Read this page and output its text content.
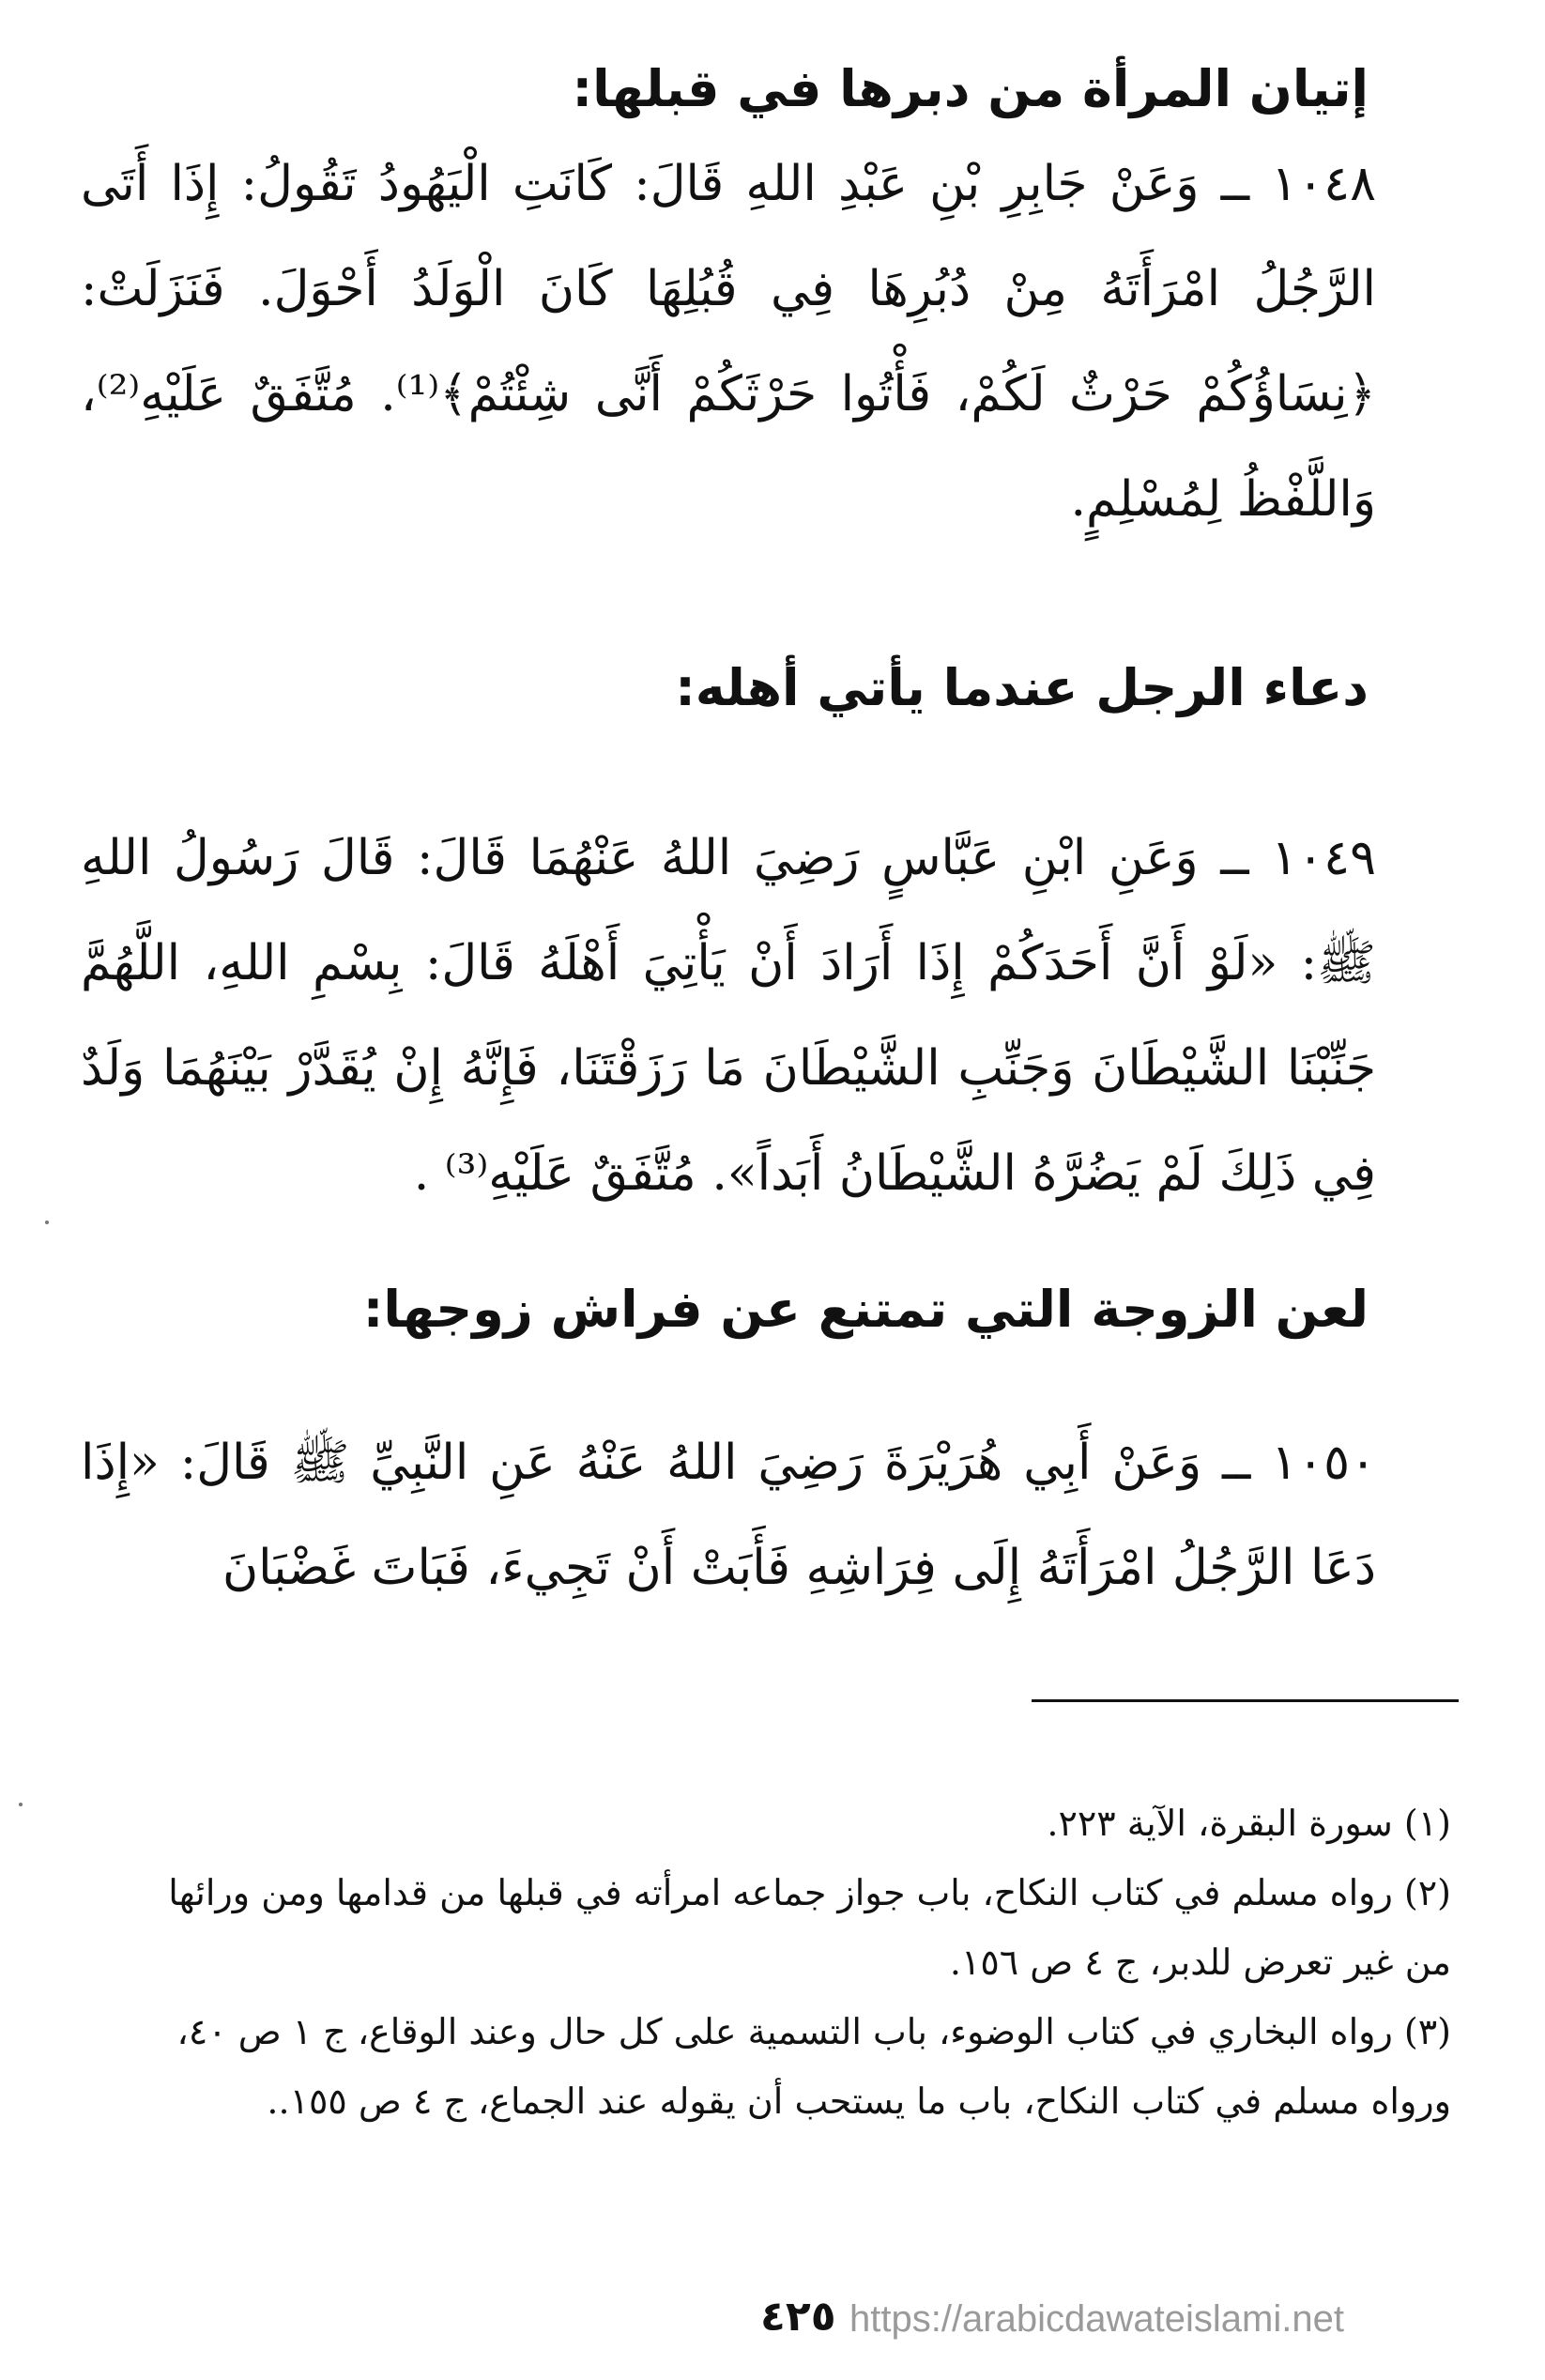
إتيان المرأة من دبرها في قبلها:
١٠٤٨ ــ وَعَنْ جَابِرِ بْنِ عَبْدِ اللهِ قَالَ: كَانَتِ الْيَهُودُ تَقُولُ: إِذَا أَتَى الرَّجُلُ امْرَأَتَهُ مِنْ دُبُرِهَا فِي قُبُلِهَا كَانَ الْوَلَدُ أَحْوَلَ. فَنَزَلَتْ: ﴿نِسَاؤُكُمْ حَرْثٌ لَكُمْ، فَأْتُوا حَرْثَكُمْ أَنَّى شِئْتُمْ﴾⁽¹⁾. مُتَّفَقٌ عَلَيْهِ⁽²⁾، وَاللَّفْظُ لِمُسْلِمٍ.
دعاء الرجل عندما يأتي أهله:
١٠٤٩ ــ وَعَنِ ابْنِ عَبَّاسٍ رَضِيَ اللهُ عَنْهُمَا قَالَ: قَالَ رَسُولُ اللهِ ﷺ: «لَوْ أَنَّ أَحَدَكُمْ إِذَا أَرَادَ أَنْ يَأْتِيَ أَهْلَهُ قَالَ: بِسْمِ اللهِ، اللَّهُمَّ جَنِّبْنَا الشَّيْطَانَ وَجَنِّبِ الشَّيْطَانَ مَا رَزَقْتَنَا، فَإِنَّهُ إِنْ يُقَدَّرْ بَيْنَهُمَا وَلَدٌ فِي ذَلِكَ لَمْ يَضُرَّهُ الشَّيْطَانُ أَبَداً». مُتَّفَقٌ عَلَيْهِ⁽³⁾ .
لعن الزوجة التي تمتنع عن فراش زوجها:
١٠٥٠ ــ وَعَنْ أَبِي هُرَيْرَةَ رَضِيَ اللهُ عَنْهُ عَنِ النَّبِيِّ ﷺ قَالَ: «إِذَا دَعَا الرَّجُلُ امْرَأَتَهُ إِلَى فِرَاشِهِ فَأَبَتْ أَنْ تَجِيءَ، فَبَاتَ غَضْبَانَ

(١) سورة البقرة، الآية ٢٢٣.

(٢) رواه مسلم في كتاب النكاح، باب جواز جماعه امرأته في قبلها من قدامها ومن ورائها من غير تعرض للدبر، ج ٤ ص ١٥٦.

(٣) رواه البخاري في كتاب الوضوء، باب التسمية على كل حال وعند الوقاع، ج ١ ص ٤٠، ورواه مسلم في كتاب النكاح، باب ما يستحب أن يقوله عند الجماع، ج ٤ ص ١٥٥..

٤٢٥ https://arabicdawateislami.net
